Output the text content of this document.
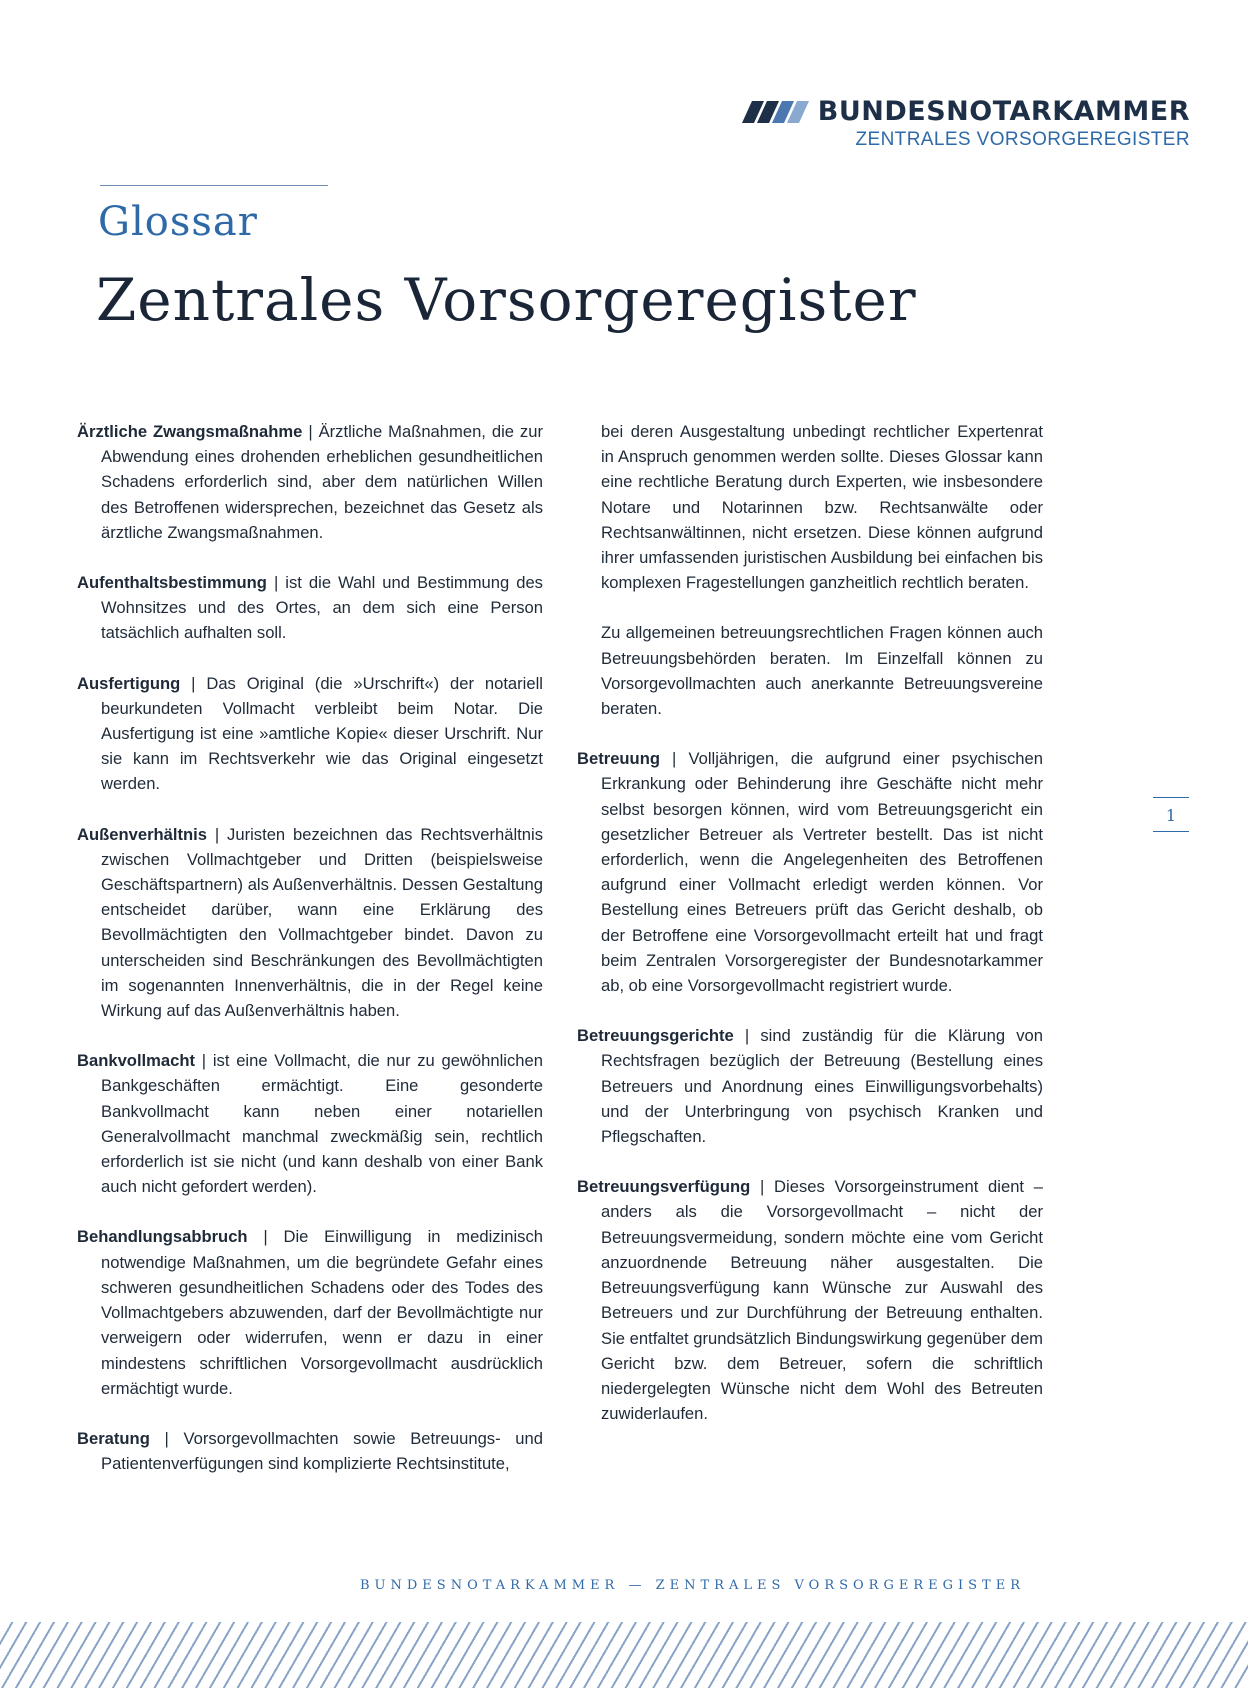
BUNDESNOTARKAMMER
ZENTRALES VORSORGEREGISTER
Glossar
Zentrales Vorsorgeregister

Ärztliche Zwangsmaßnahme | Ärztliche Maßnahmen, die zur Abwendung eines drohenden erheblichen gesundheitlichen Schadens erforderlich sind, aber dem natürlichen Willen des Betroffenen widersprechen, bezeichnet das Gesetz als ärztliche Zwangsmaßnahmen.

Aufenthaltsbestimmung | ist die Wahl und Bestimmung des Wohnsitzes und des Ortes, an dem sich eine Person tatsächlich aufhalten soll.

Ausfertigung | Das Original (die »Urschrift«) der notariell beurkundeten Vollmacht verbleibt beim Notar. Die Ausfertigung ist eine »amtliche Kopie« dieser Urschrift. Nur sie kann im Rechtsverkehr wie das Original eingesetzt werden.

Außenverhältnis | Juristen bezeichnen das Rechtsverhältnis zwischen Vollmachtgeber und Dritten (beispielsweise Geschäftspartnern) als Außenverhältnis. Dessen Gestaltung entscheidet darüber, wann eine Erklärung des Bevollmächtigten den Vollmachtgeber bindet. Davon zu unterscheiden sind Beschränkungen des Bevollmächtigten im sogenannten Innenverhältnis, die in der Regel keine Wirkung auf das Außenverhältnis haben.

Bankvollmacht | ist eine Vollmacht, die nur zu gewöhnlichen Bankgeschäften ermächtigt. Eine gesonderte Bankvollmacht kann neben einer notariellen Generalvollmacht manchmal zweckmäßig sein, rechtlich erforderlich ist sie nicht (und kann deshalb von einer Bank auch nicht gefordert werden).

Behandlungsabbruch | Die Einwilligung in medizinisch notwendige Maßnahmen, um die begründete Gefahr eines schweren gesundheitlichen Schadens oder des Todes des Vollmachtgebers abzuwenden, darf der Bevollmächtigte nur verweigern oder widerrufen, wenn er dazu in einer mindestens schriftlichen Vorsorgevollmacht ausdrücklich ermächtigt wurde.

Beratung | Vorsorgevollmachten sowie Betreuungs- und Patientenverfügungen sind komplizierte Rechtsinstitute,

bei deren Ausgestaltung unbedingt rechtlicher Expertenrat in Anspruch genommen werden sollte. Dieses Glossar kann eine rechtliche Beratung durch Experten, wie insbesondere Notare und Notarinnen bzw. Rechtsanwälte oder Rechtsanwältinnen, nicht ersetzen. Diese können aufgrund ihrer umfassenden juristischen Ausbildung bei einfachen bis komplexen Fragestellungen ganzheitlich rechtlich beraten.

Zu allgemeinen betreuungsrechtlichen Fragen können auch Betreuungsbehörden beraten. Im Einzelfall können zu Vorsorgevollmachten auch anerkannte Betreuungsvereine beraten.

Betreuung | Volljährigen, die aufgrund einer psychischen Erkrankung oder Behinderung ihre Geschäfte nicht mehr selbst besorgen können, wird vom Betreuungsgericht ein gesetzlicher Betreuer als Vertreter bestellt. Das ist nicht erforderlich, wenn die Angelegenheiten des Betroffenen aufgrund einer Vollmacht erledigt werden können. Vor Bestellung eines Betreuers prüft das Gericht deshalb, ob der Betroffene eine Vorsorgevollmacht erteilt hat und fragt beim Zentralen Vorsorgeregister der Bundesnotarkammer ab, ob eine Vorsorgevollmacht registriert wurde.

Betreuungsgerichte | sind zuständig für die Klärung von Rechtsfragen bezüglich der Betreuung (Bestellung eines Betreuers und Anordnung eines Einwilligungsvorbehalts) und der Unterbringung von psychisch Kranken und Pflegschaften.

Betreuungsverfügung | Dieses Vorsorgeinstrument dient – anders als die Vorsorgevollmacht – nicht der Betreuungsvermeidung, sondern möchte eine vom Gericht anzuordnende Betreuung näher ausgestalten. Die Betreuungsverfügung kann Wünsche zur Auswahl des Betreuers und zur Durchführung der Betreuung enthalten. Sie entfaltet grundsätzlich Bindungswirkung gegenüber dem Gericht bzw. dem Betreuer, sofern die schriftlich niedergelegten Wünsche nicht dem Wohl des Betreuten zuwiderlaufen.

1
BUNDESNOTARKAMMER — ZENTRALES VORSORGEREGISTER
